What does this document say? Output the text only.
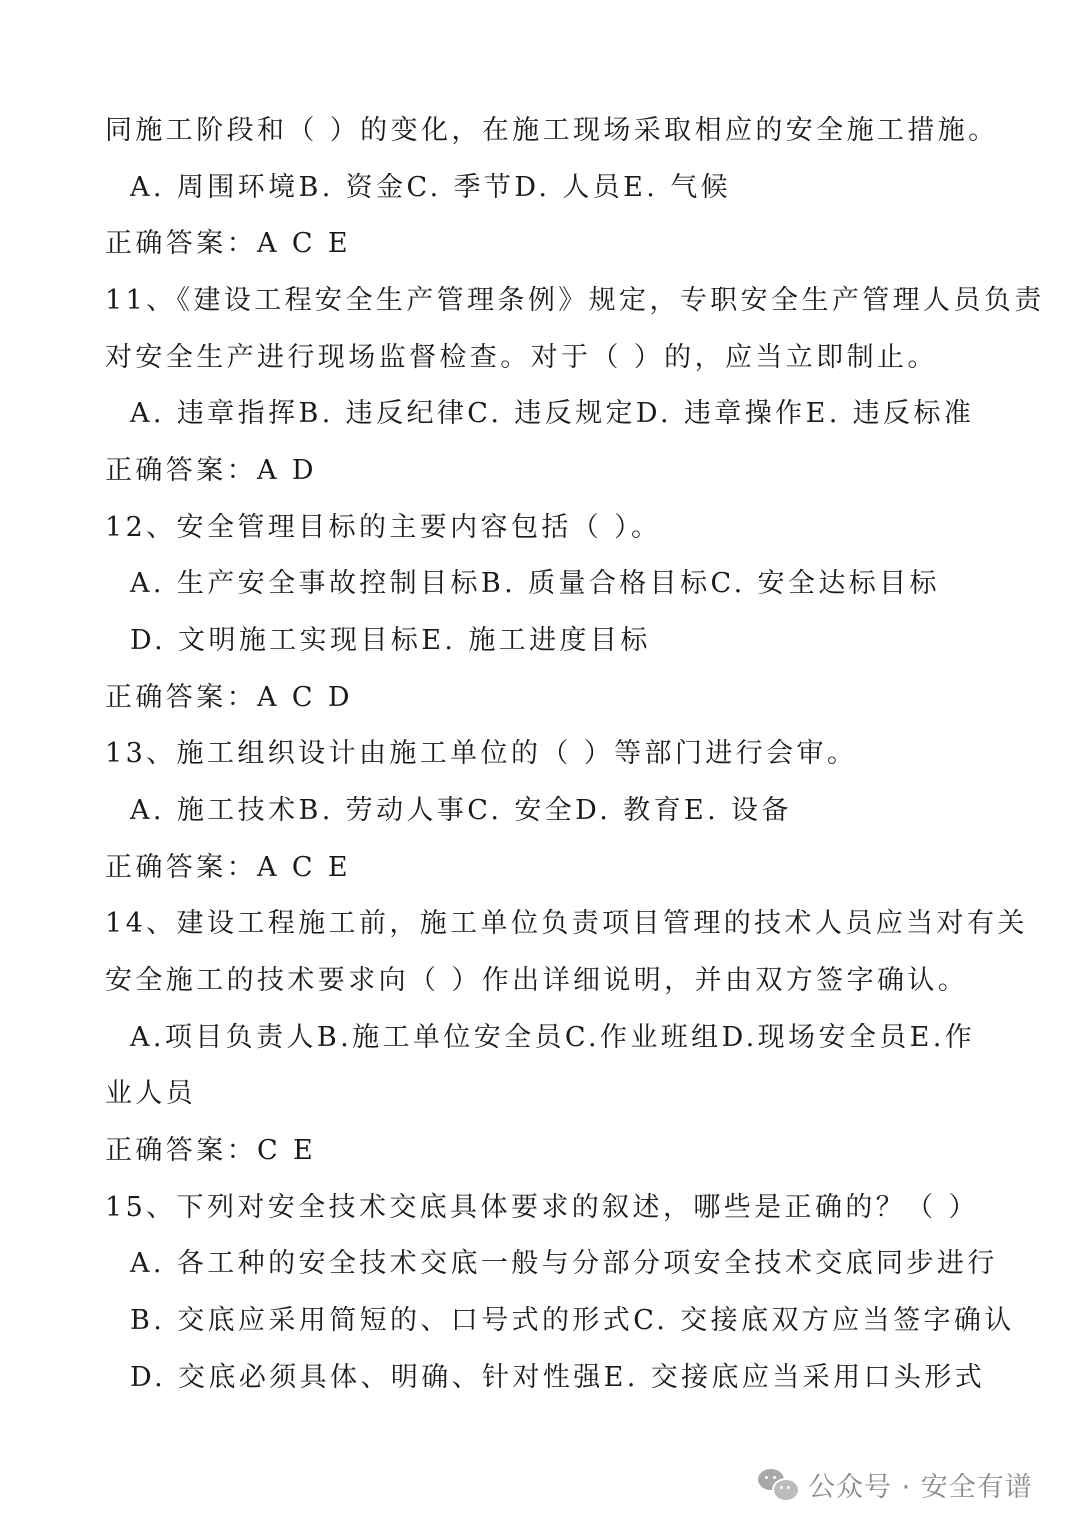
同施工阶段和（ ）的变化，在施工现场采取相应的安全施工措施。
A. 周围环境B. 资金C. 季节D. 人员E. 气候
正确答案：A C E
11、《建设工程安全生产管理条例》规定，专职安全生产管理人员负责
对安全生产进行现场监督检查。对于（ ）的，应当立即制止。
A. 违章指挥B. 违反纪律C. 违反规定D. 违章操作E. 违反标准
正确答案：A D
12、安全管理目标的主要内容包括（ ）。
A. 生产安全事故控制目标B. 质量合格目标C. 安全达标目标
D. 文明施工实现目标E. 施工进度目标
正确答案：A C D
13、施工组织设计由施工单位的（ ）等部门进行会审。
A. 施工技术B. 劳动人事C. 安全D. 教育E. 设备
正确答案：A C E
14、建设工程施工前，施工单位负责项目管理的技术人员应当对有关
安全施工的技术要求向（ ）作出详细说明，并由双方签字确认。
A.项目负责人B.施工单位安全员C.作业班组D.现场安全员E.作
业人员
正确答案：C E
15、下列对安全技术交底具体要求的叙述，哪些是正确的？（ ）
A. 各工种的安全技术交底一般与分部分项安全技术交底同步进行
B. 交底应采用简短的、口号式的形式C. 交接底双方应当签字确认
D. 交底必须具体、明确、针对性强E. 交接底应当采用口头形式
公众号 · 安全有谱
